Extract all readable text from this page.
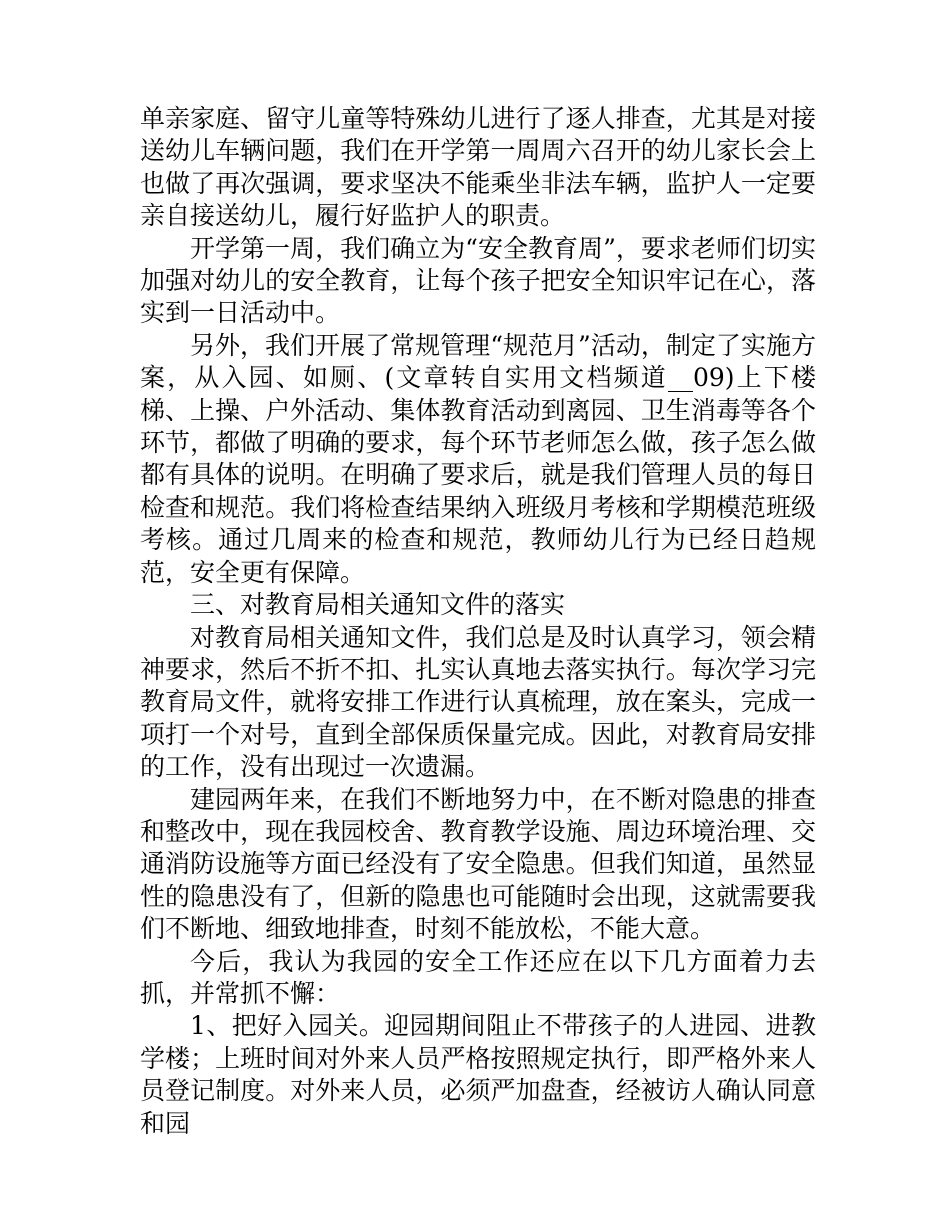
单亲家庭、留守儿童等特殊幼儿进行了逐人排查，尤其是对接送幼儿车辆问题，我们在开学第一周周六召开的幼儿家长会上也做了再次强调，要求坚决不能乘坐非法车辆，监护人一定要亲自接送幼儿，履行好监护人的职责。

开学第一周，我们确立为“安全教育周”，要求老师们切实加强对幼儿的安全教育，让每个孩子把安全知识牢记在心，落实到一日活动中。

另外，我们开展了常规管理“规范月”活动，制定了实施方案，从入园、如厕、(文章转自实用文档频道__09)上下楼梯、上操、户外活动、集体教育活动到离园、卫生消毒等各个环节，都做了明确的要求，每个环节老师怎么做，孩子怎么做都有具体的说明。在明确了要求后，就是我们管理人员的每日检查和规范。我们将检查结果纳入班级月考核和学期模范班级考核。通过几周来的检查和规范，教师幼儿行为已经日趋规范，安全更有保障。

三、对教育局相关通知文件的落实

对教育局相关通知文件，我们总是及时认真学习，领会精神要求，然后不折不扣、扎实认真地去落实执行。每次学习完教育局文件，就将安排工作进行认真梳理，放在案头，完成一项打一个对号，直到全部保质保量完成。因此，对教育局安排的工作，没有出现过一次遗漏。

建园两年来，在我们不断地努力中，在不断对隐患的排查和整改中，现在我园校舍、教育教学设施、周边环境治理、交通消防设施等方面已经没有了安全隐患。但我们知道，虽然显性的隐患没有了，但新的隐患也可能随时会出现，这就需要我们不断地、细致地排查，时刻不能放松，不能大意。

今后，我认为我园的安全工作还应在以下几方面着力去抓，并常抓不懈：

1、把好入园关。迎园期间阻止不带孩子的人进园、进教学楼；上班时间对外来人员严格按照规定执行，即严格外来人员登记制度。对外来人员，必须严加盘查，经被访人确认同意和园
